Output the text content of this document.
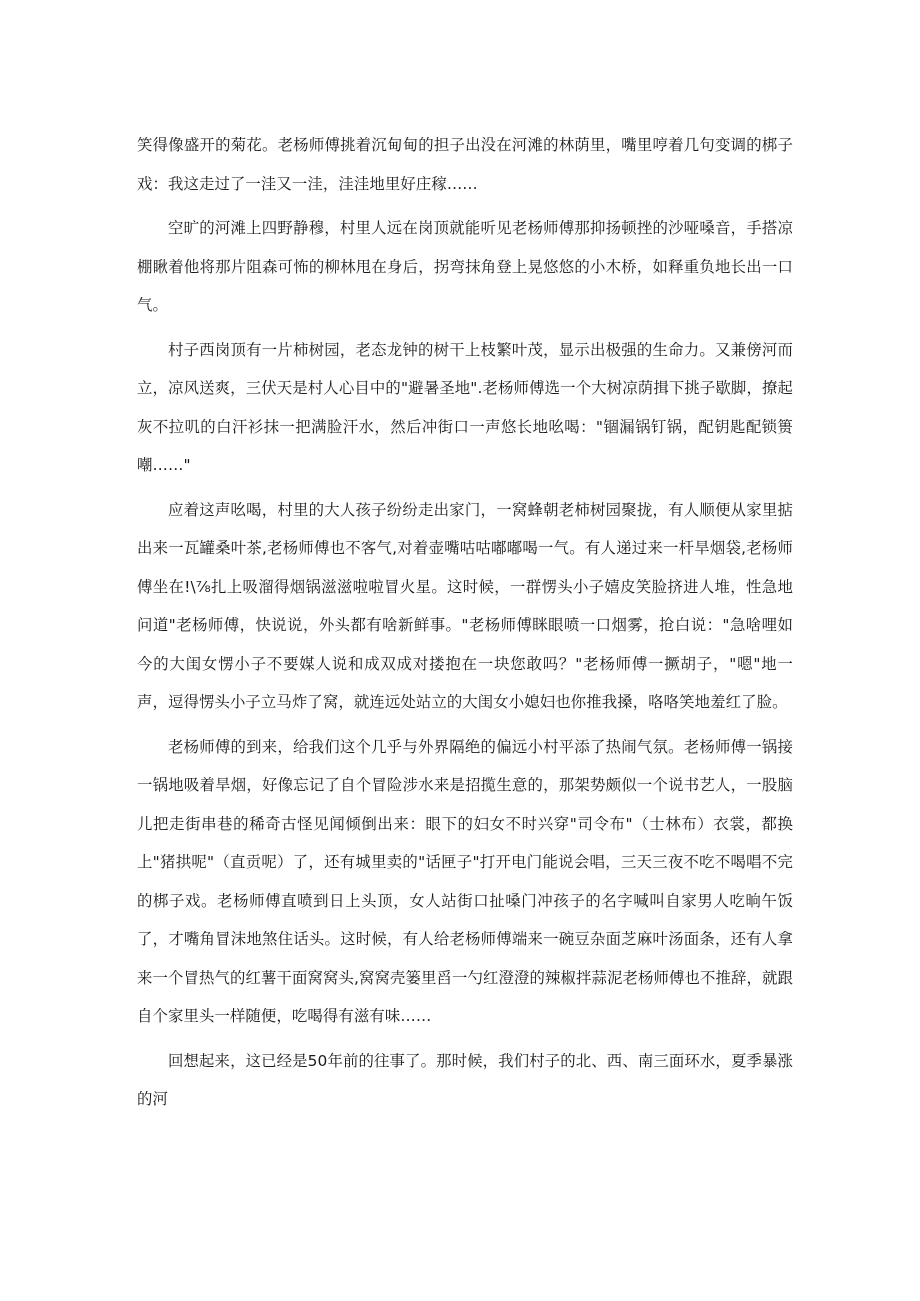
笑得像盛开的菊花。老杨师傅挑着沉甸甸的担子出没在河滩的林荫里，嘴里哼着几句变调的梆子戏：我这走过了一洼又一洼，洼洼地里好庄稼……

空旷的河滩上四野静穆，村里人远在岗顶就能听见老杨师傅那抑扬顿挫的沙哑嗓音，手搭凉棚瞅着他将那片阻森可怖的柳林甩在身后，拐弯抹角登上晃悠悠的小木桥，如释重负地长出一口气。

村子西岗顶有一片柿树园，老态龙钟的树干上枝繁叶茂，显示出极强的生命力。又兼傍河而立，凉风送爽，三伏天是村人心目中的"避暑圣地".老杨师傅选一个大树凉荫揖下挑子歇脚，撩起灰不拉叽的白汗衫抹一把满脸汗水，然后冲街口一声悠长地吆喝："锢漏锅钉锅，配钥匙配锁篑嘲……"

应着这声吆喝，村里的大人孩子纷纷走出家门，一窝蜂朝老柿树园聚拢，有人顺便从家里掂出来一瓦罐桑叶茶,老杨师傅也不客气,对着壶嘴咕咕嘟嘟喝一气。有人递过来一杆旱烟袋,老杨师傅坐在!\⅞扎上吸溜得烟锅滋滋啦啦冒火星。这时候，一群愣头小子嬉皮笑脸挤进人堆，性急地问道"老杨师傅，快说说，外头都有啥新鲜事。"老杨师傅眯眼喷一口烟雾，抢白说："急啥哩如今的大闺女愣小子不要媒人说和成双成对搂抱在一块您敢吗？"老杨师傅一撅胡子，"嗯"地一声，逗得愣头小子立马炸了窝，就连远处站立的大闺女小媳妇也你推我搡，咯咯笑地羞红了脸。

老杨师傅的到来，给我们这个几乎与外界隔绝的偏远小村平添了热闹气氛。老杨师傅一锅接一锅地吸着旱烟，好像忘记了自个冒险涉水来是招揽生意的，那架势颇似一个说书艺人，一股脑儿把走街串巷的稀奇古怪见闻倾倒出来：眼下的妇女不时兴穿"司令布"（士林布）衣裳，都换上"猪拱呢"（直贡呢）了，还有城里卖的"话匣子"打开电门能说会唱，三天三夜不吃不喝唱不完的梆子戏。老杨师傅直喷到日上头顶，女人站街口扯嗓门冲孩子的名字喊叫自家男人吃晌午饭了，才嘴角冒沫地煞住话头。这时候，有人给老杨师傅端来一碗豆杂面芝麻叶汤面条，还有人拿来一个冒热气的红薯干面窝窝头,窝窝壳篓里舀一勺红澄澄的辣椒拌蒜泥老杨师傅也不推辞，就跟自个家里头一样随便，吃喝得有滋有味……

回想起来，这已经是50年前的往事了。那时候，我们村子的北、西、南三面环水，夏季暴涨的河
